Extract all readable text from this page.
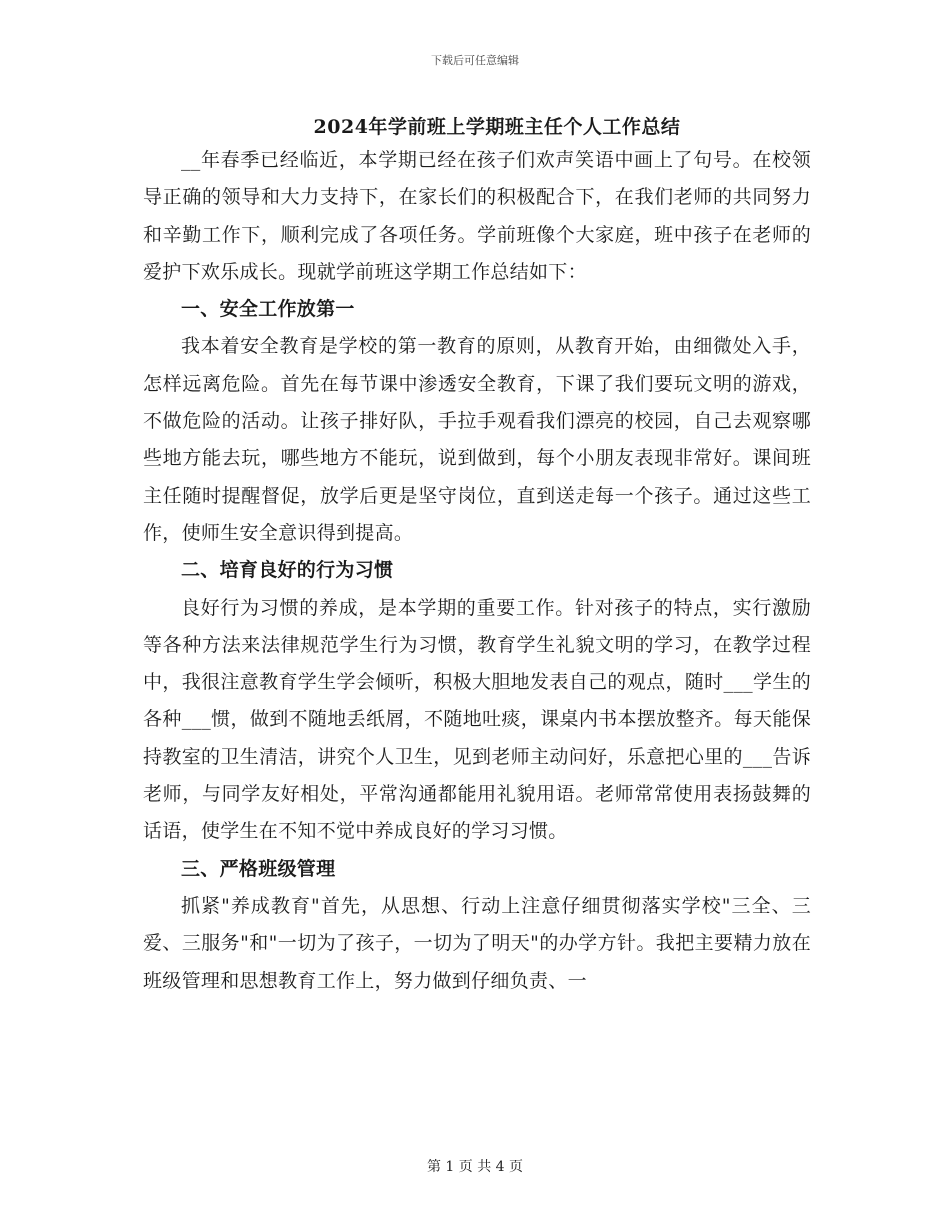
下载后可任意编辑

2024年学前班上学期班主任个人工作总结

__年春季已经临近，本学期已经在孩子们欢声笑语中画上了句号。在校领导正确的领导和大力支持下，在家长们的积极配合下，在我们老师的共同努力和辛勤工作下，顺利完成了各项任务。学前班像个大家庭，班中孩子在老师的爱护下欢乐成长。现就学前班这学期工作总结如下：

一、安全工作放第一

我本着安全教育是学校的第一教育的原则，从教育开始，由细微处入手，怎样远离危险。首先在每节课中渗透安全教育，下课了我们要玩文明的游戏，不做危险的活动。让孩子排好队，手拉手观看我们漂亮的校园，自己去观察哪些地方能去玩，哪些地方不能玩，说到做到，每个小朋友表现非常好。课间班主任随时提醒督促，放学后更是坚守岗位，直到送走每一个孩子。通过这些工作，使师生安全意识得到提高。

二、培育良好的行为习惯

良好行为习惯的养成，是本学期的重要工作。针对孩子的特点，实行激励等各种方法来法律规范学生行为习惯，教育学生礼貌文明的学习，在教学过程中，我很注意教育学生学会倾听，积极大胆地发表自己的观点，随时___学生的各种___惯，做到不随地丢纸屑，不随地吐痰，课桌内书本摆放整齐。每天能保持教室的卫生清洁，讲究个人卫生，见到老师主动问好，乐意把心里的___告诉老师，与同学友好相处，平常沟通都能用礼貌用语。老师常常使用表扬鼓舞的话语，使学生在不知不觉中养成良好的学习习惯。

三、严格班级管理

抓紧"养成教育"首先，从思想、行动上注意仔细贯彻落实学校"三全、三爱、三服务"和"一切为了孩子，一切为了明天"的办学方针。我把主要精力放在班级管理和思想教育工作上，努力做到仔细负责、一

第 1 页 共 4 页
